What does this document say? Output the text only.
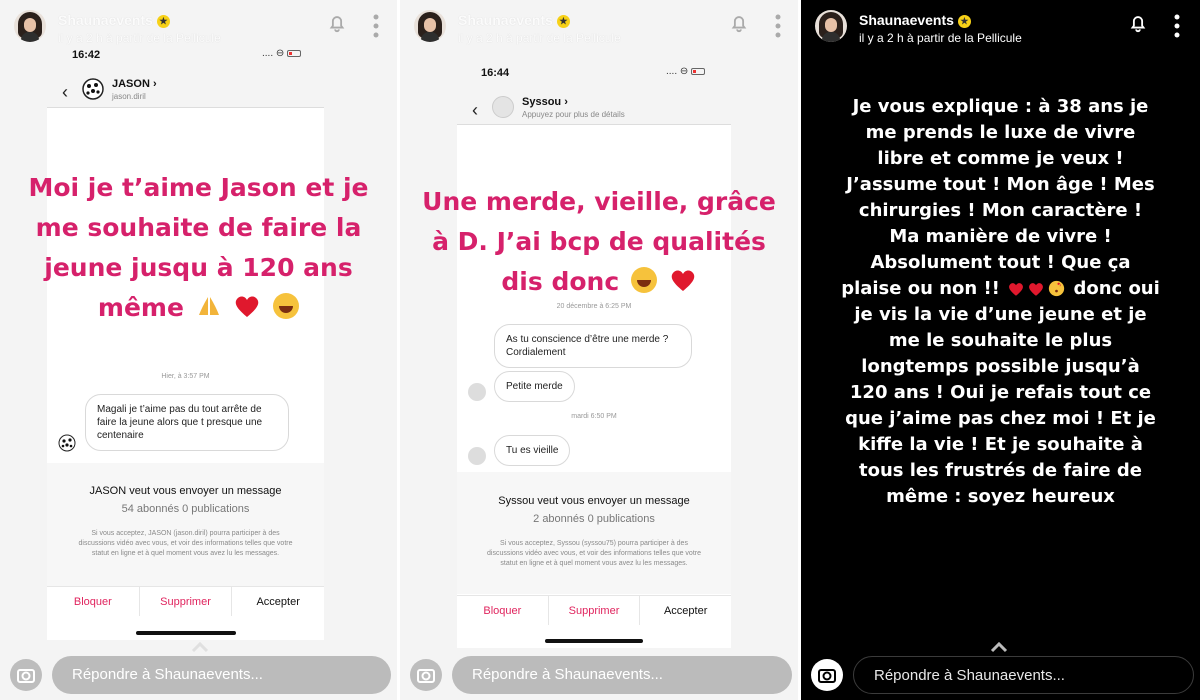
Shaunaevents ★
il y a 2 h à partir de la Pellicule
16:42	.... ⊖
‹	JASON ›
jason.diril
Moi je t’aime Jason et je
me souhaite de faire la
jeune jusqu à 120 ans
même
Hier, à 3:57 PM
Magali je t’aime pas du tout arrête de
faire la jeune alors que t presque une
centenaire
JASON veut vous envoyer un message
54 abonnés 0 publications
Si vous acceptez, JASON (jason.diril) pourra participer à des discussions vidéo avec vous, et voir des informations telles que votre statut en ligne et à quel moment vous avez lu les messages.
Bloquer	Supprimer	Accepter
Répondre à Shaunaevents...
Shaunaevents ★
il y a 2 h à partir de la Pellicule
16:44	.... ⊖
‹	Syssou ›
Appuyez pour plus de détails
Une merde, vieille, grâce
à D. J’ai bcp de qualités
dis donc
20 décembre à 6:25 PM
As tu conscience d’être une merde ?
Cordialement
Petite merde
mardi 6:50 PM
Tu es vieille
Syssou veut vous envoyer un message
2 abonnés 0 publications
Si vous acceptez, Syssou (syssou75) pourra participer à des discussions vidéo avec vous, et voir des informations telles que votre statut en ligne et à quel moment vous avez lu les messages.
Bloquer	Supprimer	Accepter
Répondre à Shaunaevents...
Shaunaevents ★
il y a 2 h à partir de la Pellicule
Je vous explique : à 38 ans je me prends le luxe de vivre libre et comme je veux ! J’assume tout ! Mon âge ! Mes chirurgies ! Mon caractère ! Ma manière de vivre ! Absolument tout ! Que ça plaise ou non !!	donc oui je vis la vie d’une jeune et je me le souhaite le plus longtemps possible jusqu’à 120 ans ! Oui je refais tout ce que j’aime pas chez moi ! Et je kiffe la vie ! Et je souhaite à tous les frustrés de faire de même : soyez heureux
Répondre à Shaunaevents...
